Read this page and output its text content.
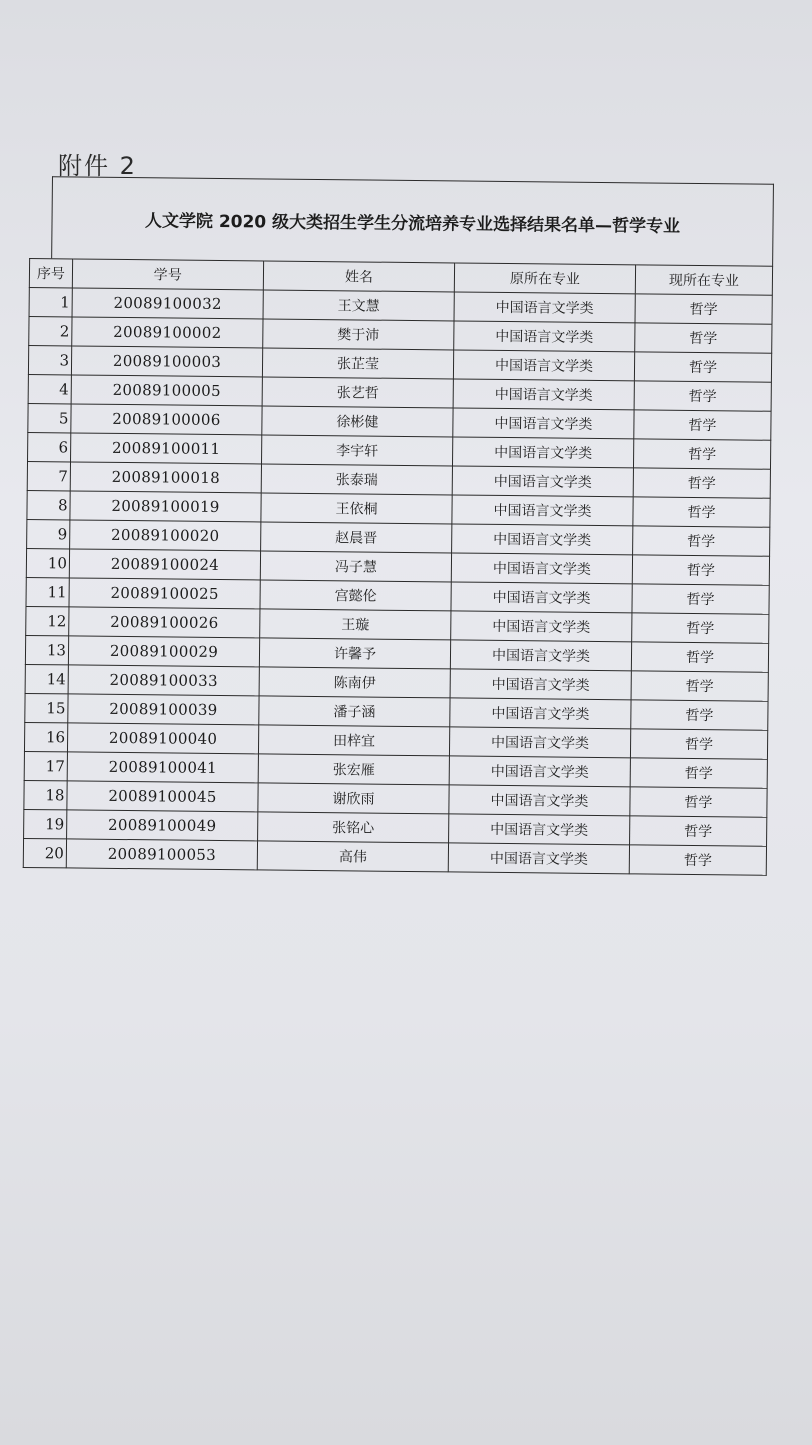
附件 2
人文学院 2020 级大类招生学生分流培养专业选择结果名单—哲学专业
序号	学号	姓名	原所在专业	现所在专业
1	20089100032	王文慧	中国语言文学类	哲学
2	20089100002	樊于沛	中国语言文学类	哲学
3	20089100003	张芷莹	中国语言文学类	哲学
4	20089100005	张艺哲	中国语言文学类	哲学
5	20089100006	徐彬健	中国语言文学类	哲学
6	20089100011	李宇轩	中国语言文学类	哲学
7	20089100018	张泰瑞	中国语言文学类	哲学
8	20089100019	王依桐	中国语言文学类	哲学
9	20089100020	赵晨晋	中国语言文学类	哲学
10	20089100024	冯子慧	中国语言文学类	哲学
11	20089100025	宫懿伦	中国语言文学类	哲学
12	20089100026	王璇	中国语言文学类	哲学
13	20089100029	许馨予	中国语言文学类	哲学
14	20089100033	陈南伊	中国语言文学类	哲学
15	20089100039	潘子涵	中国语言文学类	哲学
16	20089100040	田梓宜	中国语言文学类	哲学
17	20089100041	张宏雁	中国语言文学类	哲学
18	20089100045	谢欣雨	中国语言文学类	哲学
19	20089100049	张铭心	中国语言文学类	哲学
20	20089100053	高伟	中国语言文学类	哲学
